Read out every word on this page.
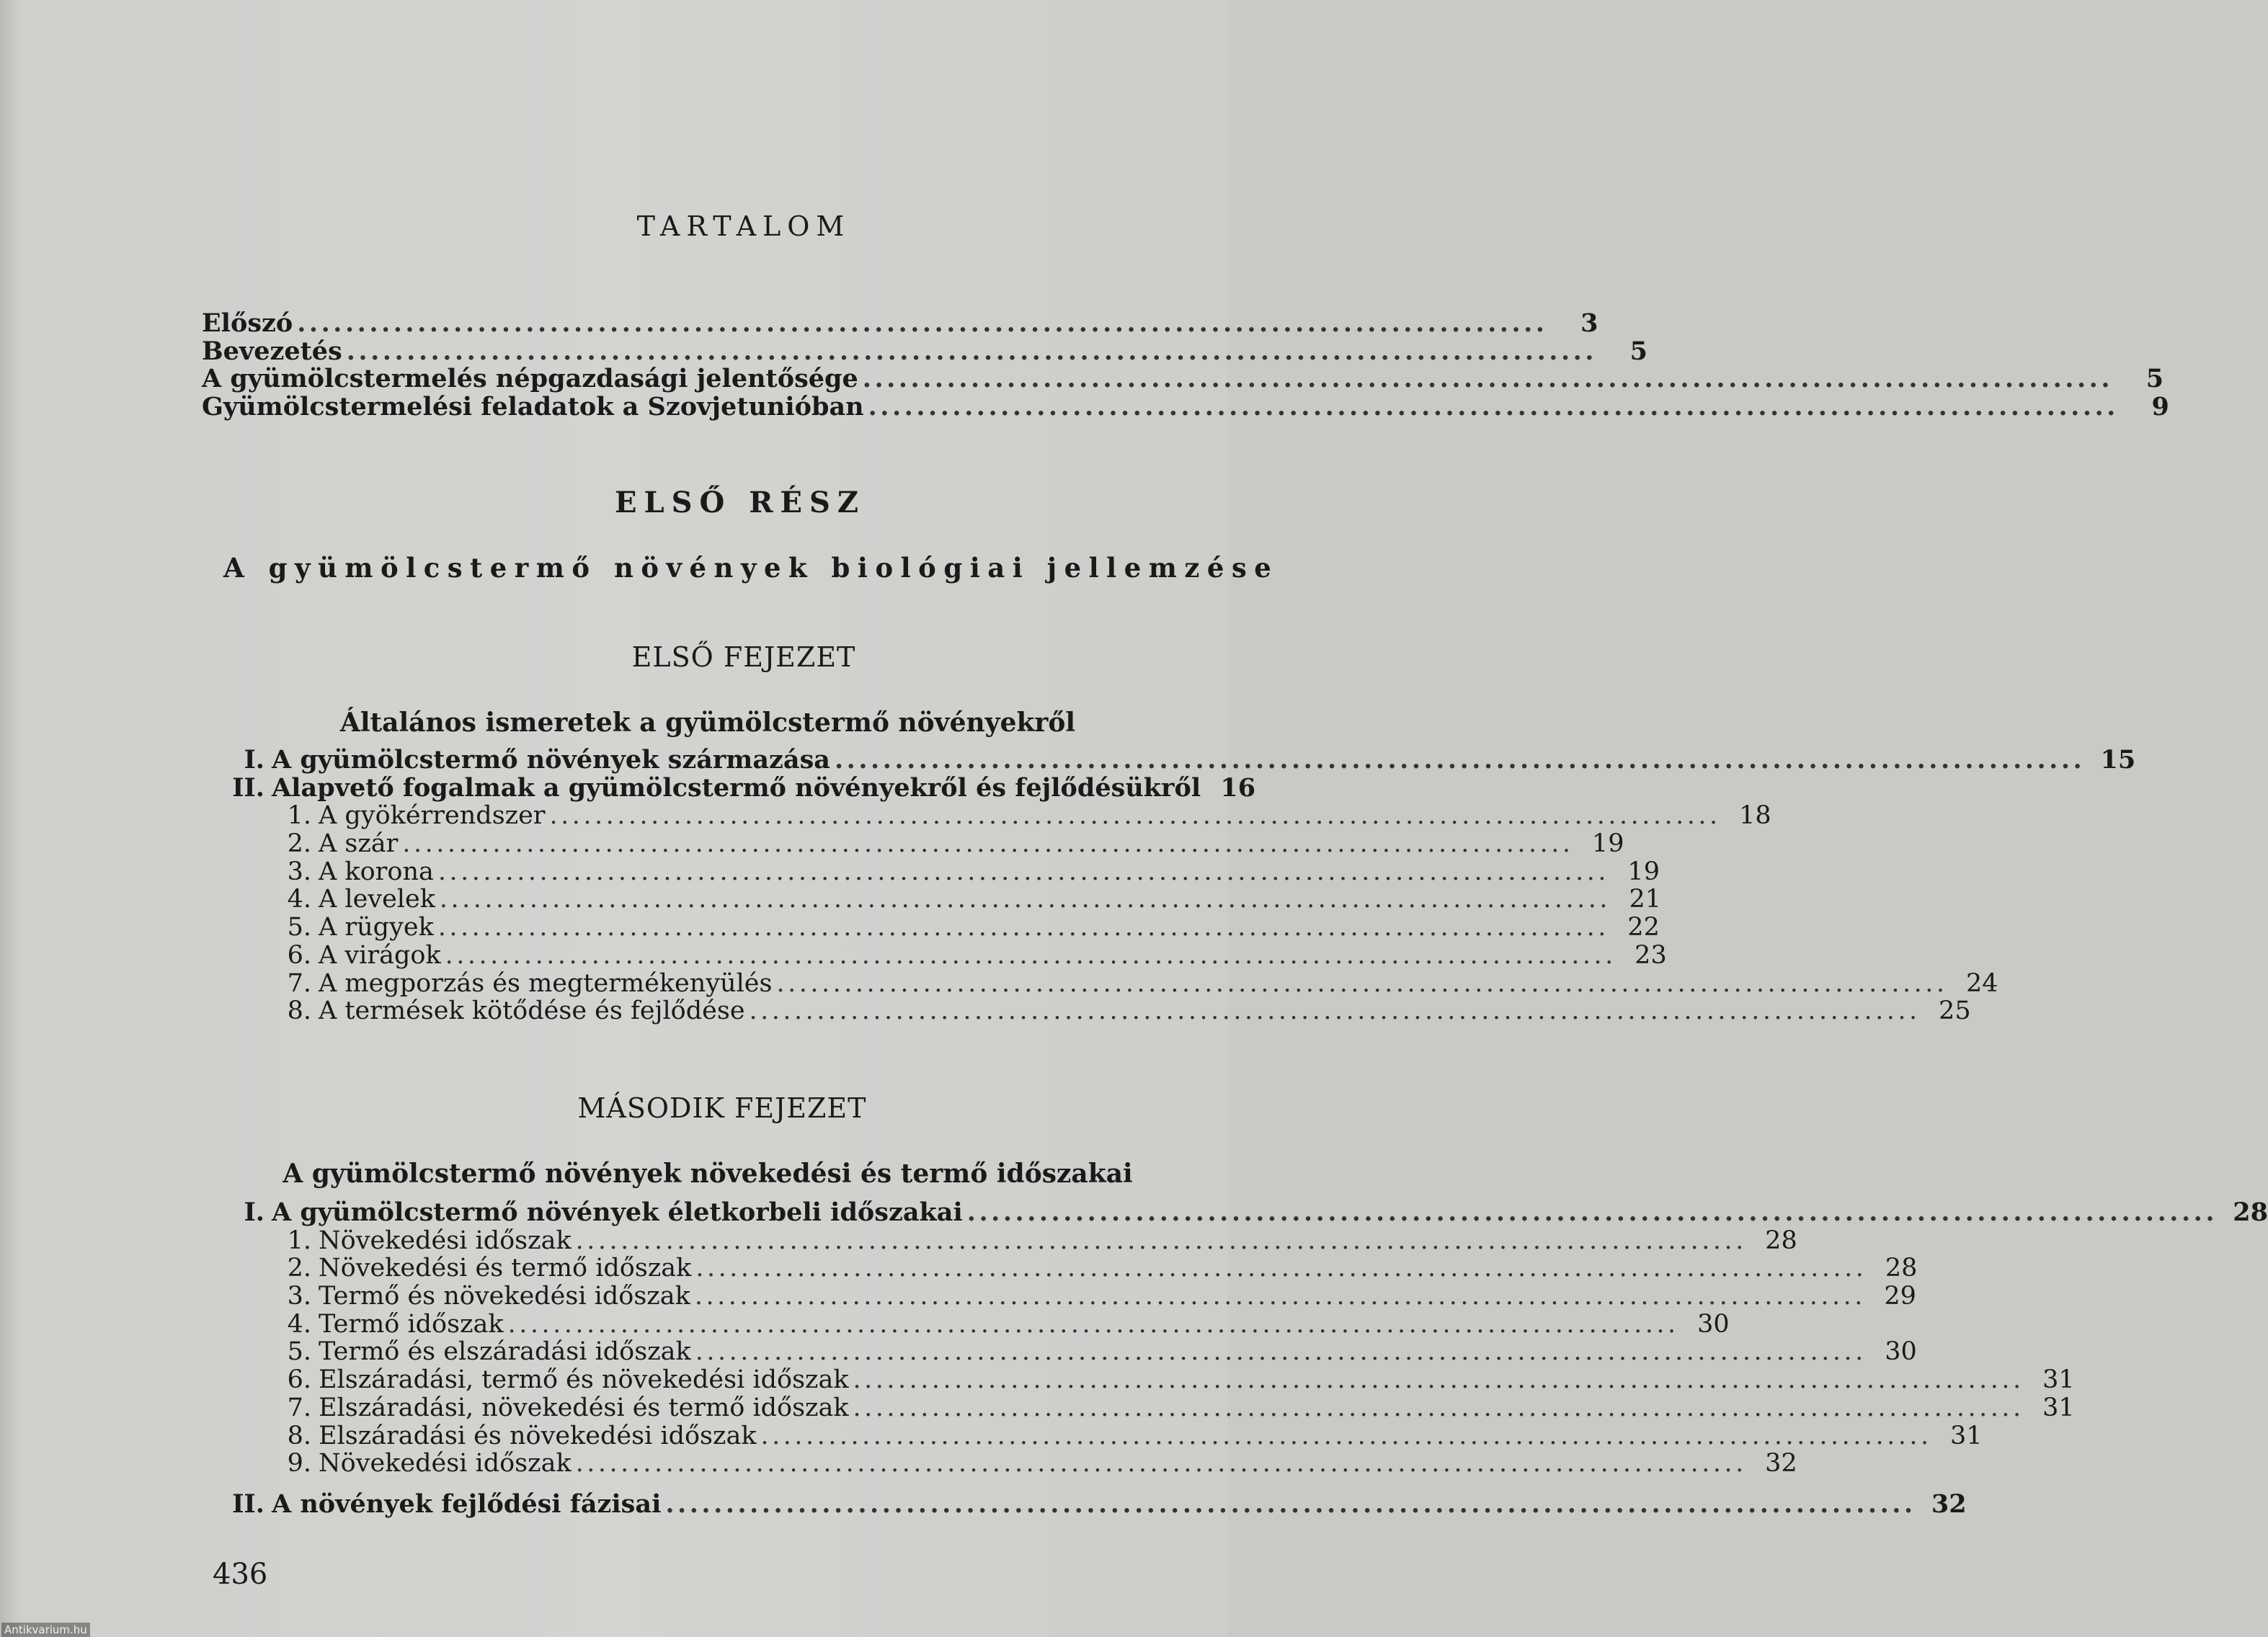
TARTALOM
Előszó ........................................................................................................	3
Bevezetés ........................................................................................................	5
A gyümölcstermelés népgazdasági jelentősége ........................................................................................................	5
Gyümölcstermelési feladatok a Szovjetunióban ........................................................................................................	9
ELSŐ RÉSZ
A gyümölcstermő növények biológiai jellemzése
ELSŐ FEJEZET
Általános ismeretek a gyümölcstermő növényekről
I. A gyümölcstermő növények származása ........................................................................................................ 15
II. Alapvető fogalmak a gyümölcstermő növényekről és fejlődésükről 16
1. A gyökérrendszer ........................................................................................................ 18
2. A szár ........................................................................................................ 19
3. A korona ........................................................................................................ 19
4. A levelek ........................................................................................................ 21
5. A rügyek ........................................................................................................ 22
6. A virágok ........................................................................................................ 23
7. A megporzás és megtermékenyülés ........................................................................................................ 24
8. A termések kötődése és fejlődése ........................................................................................................ 25
MÁSODIK FEJEZET
A gyümölcstermő növények növekedési és termő időszakai
I. A gyümölcstermő növények életkorbeli időszakai ........................................................................................................ 28
1. Növekedési időszak ........................................................................................................ 28
2. Növekedési és termő időszak ........................................................................................................ 28
3. Termő és növekedési időszak ........................................................................................................ 29
4. Termő időszak ........................................................................................................ 30
5. Termő és elszáradási időszak ........................................................................................................ 30
6. Elszáradási, termő és növekedési időszak ........................................................................................................ 31
7. Elszáradási, növekedési és termő időszak ........................................................................................................ 31
8. Elszáradási és növekedési időszak ........................................................................................................ 31
9. Növekedési időszak ........................................................................................................ 32
II. A növények fejlődési fázisai ........................................................................................................ 32
436
Antikvarium.hu
